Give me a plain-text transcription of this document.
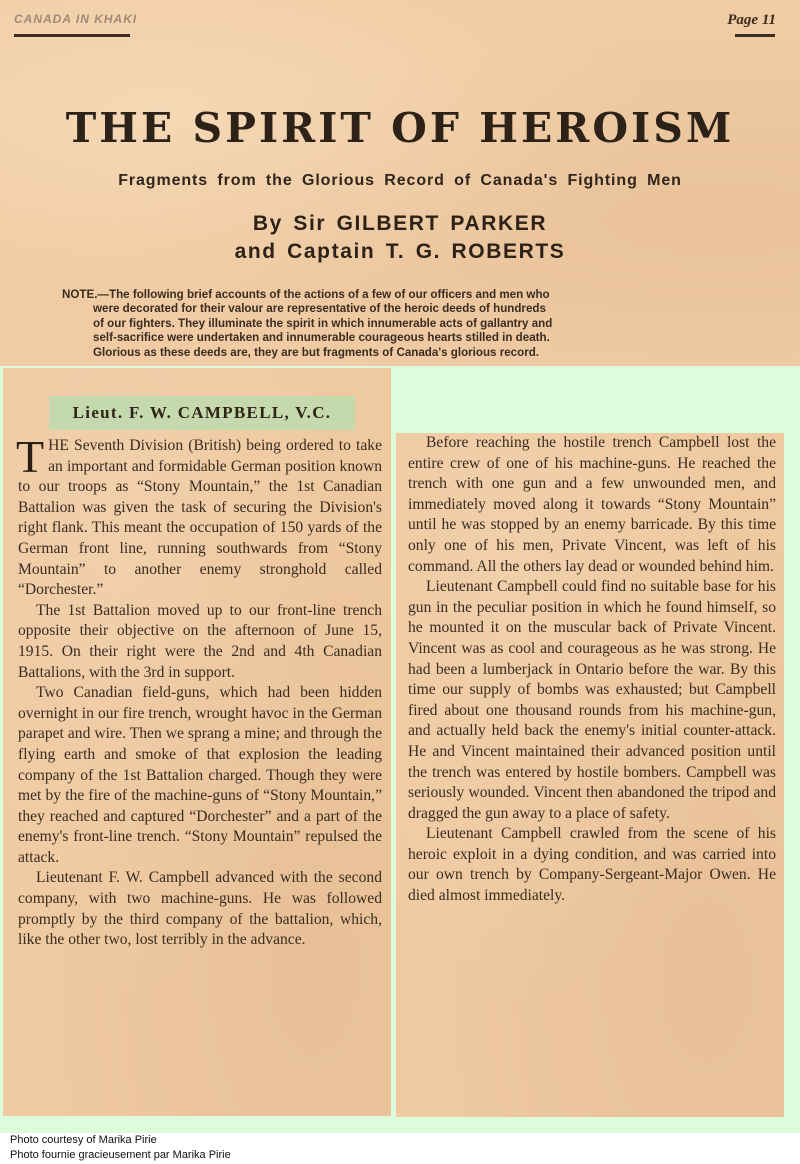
CANADA IN KHAKI	Page 11
THE SPIRIT OF HEROISM
Fragments from the Glorious Record of Canada's Fighting Men
By Sir GILBERT PARKER
and Captain T. G. ROBERTS
NOTE.—The following brief accounts of the actions of a few of our officers and men who
were decorated for their valour are representative of the heroic deeds of hundreds
of our fighters. They illuminate the spirit in which innumerable acts of gallantry and
self-sacrifice were undertaken and innumerable courageous hearts stilled in death.
Glorious as these deeds are, they are but fragments of Canada's glorious record.
Lieut. F. W. CAMPBELL, V.C.

THE Seventh Division (British) being ordered to take an important and formidable German position known to our troops as “Stony Mountain,” the 1st Canadian Battalion was given the task of securing the Division's right flank. This meant the occupation of 150 yards of the German front line, running southwards from “Stony Mountain” to another enemy stronghold called “Dorchester.”

The 1st Battalion moved up to our front-line trench opposite their objective on the afternoon of June 15, 1915. On their right were the 2nd and 4th Canadian Battalions, with the 3rd in support.

Two Canadian field-guns, which had been hidden overnight in our fire trench, wrought havoc in the German parapet and wire. Then we sprang a mine; and through the flying earth and smoke of that explosion the leading company of the 1st Battalion charged. Though they were met by the fire of the machine-guns of “Stony Mountain,” they reached and captured “Dorchester” and a part of the enemy's front-line trench. “Stony Mountain” repulsed the attack.

Lieutenant F. W. Campbell advanced with the second company, with two machine-guns. He was followed promptly by the third company of the battalion, which, like the other two, lost terribly in the advance.

Before reaching the hostile trench Campbell lost the entire crew of one of his machine-guns. He reached the trench with one gun and a few unwounded men, and immediately moved along it towards “Stony Mountain” until he was stopped by an enemy barricade. By this time only one of his men, Private Vincent, was left of his command. All the others lay dead or wounded behind him.

Lieutenant Campbell could find no suitable base for his gun in the peculiar position in which he found himself, so he mounted it on the muscular back of Private Vincent. Vincent was as cool and courageous as he was strong. He had been a lumberjack in Ontario before the war. By this time our supply of bombs was exhausted; but Campbell fired about one thousand rounds from his machine-gun, and actually held back the enemy's initial counter-attack. He and Vincent maintained their advanced position until the trench was entered by hostile bombers. Campbell was seriously wounded. Vincent then abandoned the tripod and dragged the gun away to a place of safety.

Lieutenant Campbell crawled from the scene of his heroic exploit in a dying condition, and was carried into our own trench by Company-Sergeant-Major Owen. He died almost immediately.

Photo courtesy of Marika Pirie
Photo fournie gracieusement par Marika Pirie
